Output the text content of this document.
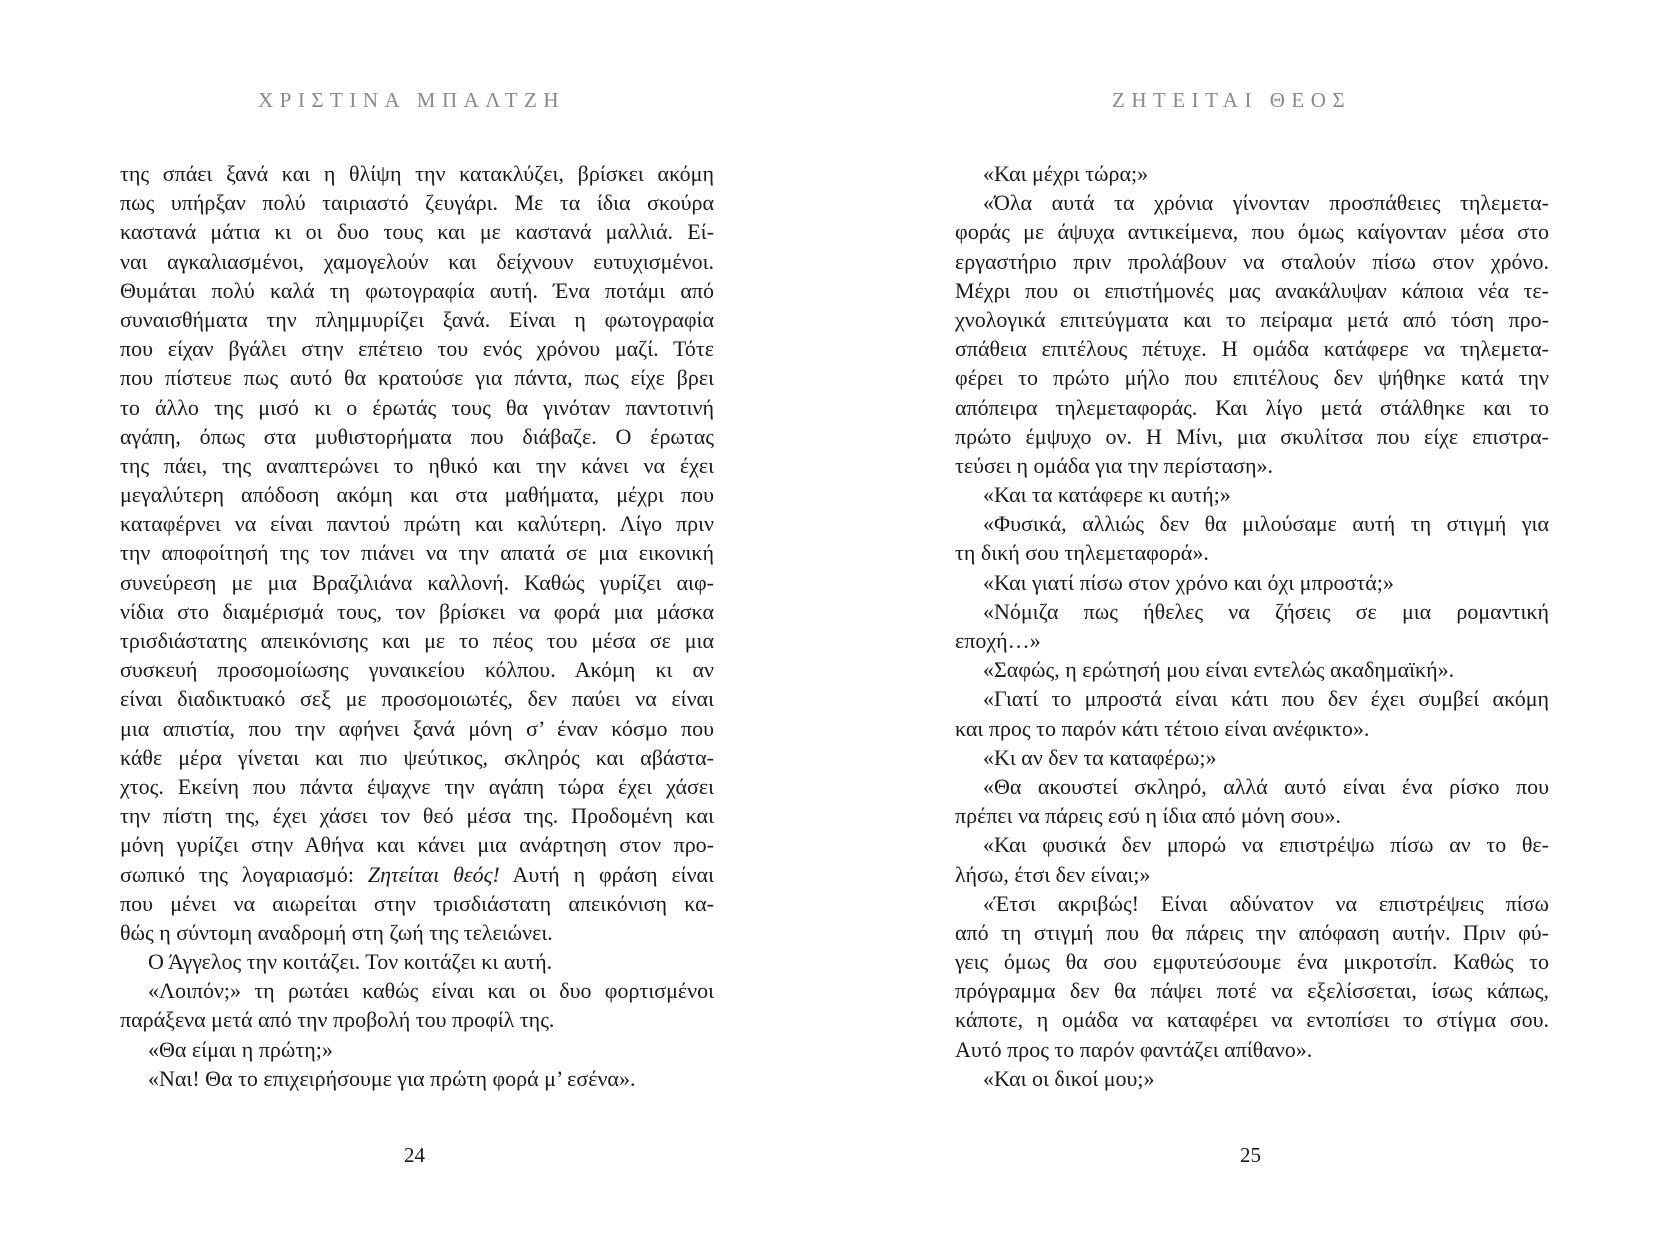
ΧΡΙΣΤΙΝΑ ΜΠΑΛΤΖΗ
της σπάει ξανά και η θλίψη την κατακλύζει, βρίσκει ακόμη
πως υπήρξαν πολύ ταιριαστό ζευγάρι. Με τα ίδια σκούρα
καστανά μάτια κι οι δυο τους και με καστανά μαλλιά. Εί-
ναι αγκαλιασμένοι, χαμογελούν και δείχνουν ευτυχισμένοι.
Θυμάται πολύ καλά τη φωτογραφία αυτή. Ένα ποτάμι από
συναισθήματα την πλημμυρίζει ξανά. Είναι η φωτογραφία
που είχαν βγάλει στην επέτειο του ενός χρόνου μαζί. Τότε
που πίστευε πως αυτό θα κρατούσε για πάντα, πως είχε βρει
το άλλο της μισό κι ο έρωτάς τους θα γινόταν παντοτινή
αγάπη, όπως στα μυθιστορήματα που διάβαζε. Ο έρωτας
της πάει, της αναπτερώνει το ηθικό και την κάνει να έχει
μεγαλύτερη απόδοση ακόμη και στα μαθήματα, μέχρι που
καταφέρνει να είναι παντού πρώτη και καλύτερη. Λίγο πριν
την αποφοίτησή της τον πιάνει να την απατά σε μια εικονική
συνεύρεση με μια Βραζιλιάνα καλλονή. Καθώς γυρίζει αιφ-
νίδια στο διαμέρισμά τους, τον βρίσκει να φορά μια μάσκα
τρισδιάστατης απεικόνισης και με το πέος του μέσα σε μια
συσκευή προσομοίωσης γυναικείου κόλπου. Ακόμη κι αν
είναι διαδικτυακό σεξ με προσομοιωτές, δεν παύει να είναι
μια απιστία, που την αφήνει ξανά μόνη σ’ έναν κόσμο που
κάθε μέρα γίνεται και πιο ψεύτικος, σκληρός και αβάστα-
χτος. Εκείνη που πάντα έψαχνε την αγάπη τώρα έχει χάσει
την πίστη της, έχει χάσει τον θεό μέσα της. Προδομένη και
μόνη γυρίζει στην Αθήνα και κάνει μια ανάρτηση στον προ-
σωπικό της λογαριασμό: Ζητείται θεός! Αυτή η φράση είναι
που μένει να αιωρείται στην τρισδιάστατη απεικόνιση κα-
θώς η σύντομη αναδρομή στη ζωή της τελειώνει.
Ο Άγγελος την κοιτάζει. Τον κοιτάζει κι αυτή.
«Λοιπόν;» τη ρωτάει καθώς είναι και οι δυο φορτισμένοι
παράξενα μετά από την προβολή του προφίλ της.
«Θα είμαι η πρώτη;»
«Ναι! Θα το επιχειρήσουμε για πρώτη φορά μ’ εσένα».
24
ΖΗΤΕΙΤΑΙ ΘΕΟΣ
«Και μέχρι τώρα;»
«Όλα αυτά τα χρόνια γίνονταν προσπάθειες τηλεμετα-
φοράς με άψυχα αντικείμενα, που όμως καίγονταν μέσα στο
εργαστήριο πριν προλάβουν να σταλούν πίσω στον χρόνο.
Μέχρι που οι επιστήμονές μας ανακάλυψαν κάποια νέα τε-
χνολογικά επιτεύγματα και το πείραμα μετά από τόση προ-
σπάθεια επιτέλους πέτυχε. Η ομάδα κατάφερε να τηλεμετα-
φέρει το πρώτο μήλο που επιτέλους δεν ψήθηκε κατά την
απόπειρα τηλεμεταφοράς. Και λίγο μετά στάλθηκε και το
πρώτο έμψυχο ον. Η Μίνι, μια σκυλίτσα που είχε επιστρα-
τεύσει η ομάδα για την περίσταση».
«Και τα κατάφερε κι αυτή;»
«Φυσικά, αλλιώς δεν θα μιλούσαμε αυτή τη στιγμή για
τη δική σου τηλεμεταφορά».
«Και γιατί πίσω στον χρόνο και όχι μπροστά;»
«Νόμιζα πως ήθελες να ζήσεις σε μια ρομαντική
εποχή…»
«Σαφώς, η ερώτησή μου είναι εντελώς ακαδημαϊκή».
«Γιατί το μπροστά είναι κάτι που δεν έχει συμβεί ακόμη
και προς το παρόν κάτι τέτοιο είναι ανέφικτο».
«Κι αν δεν τα καταφέρω;»
«Θα ακουστεί σκληρό, αλλά αυτό είναι ένα ρίσκο που
πρέπει να πάρεις εσύ η ίδια από μόνη σου».
«Και φυσικά δεν μπορώ να επιστρέψω πίσω αν το θε-
λήσω, έτσι δεν είναι;»
«Έτσι ακριβώς! Είναι αδύνατον να επιστρέψεις πίσω
από τη στιγμή που θα πάρεις την απόφαση αυτήν. Πριν φύ-
γεις όμως θα σου εμφυτεύσουμε ένα μικροτσίπ. Καθώς το
πρόγραμμα δεν θα πάψει ποτέ να εξελίσσεται, ίσως κάπως,
κάποτε, η ομάδα να καταφέρει να εντοπίσει το στίγμα σου.
Αυτό προς το παρόν φαντάζει απίθανο».
«Και οι δικοί μου;»
25
